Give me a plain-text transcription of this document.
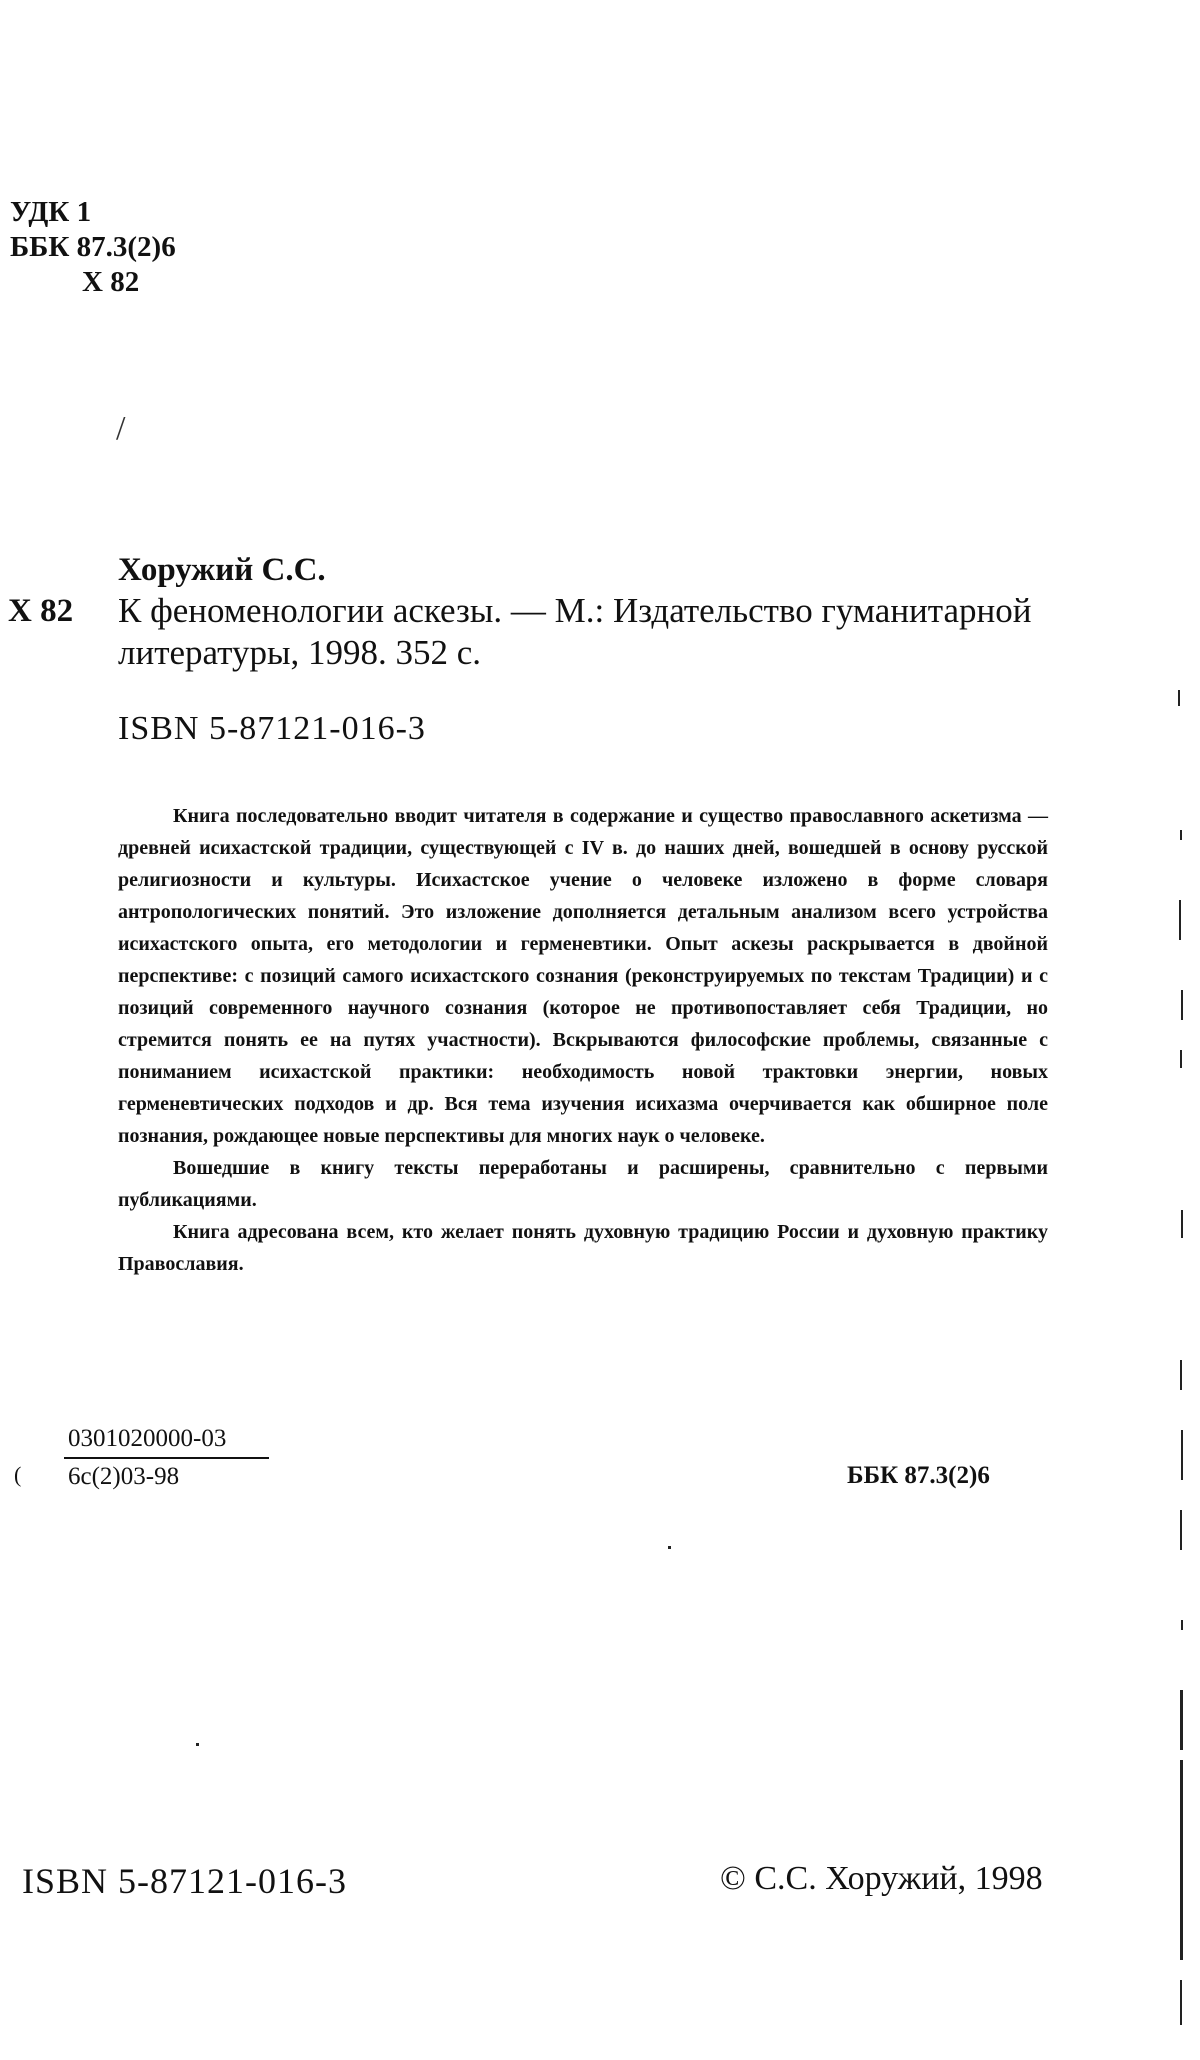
УДК 1
ББК 87.3(2)6
Х 82
/
Хоружий С.С.
Х 82 К феноменологии аскезы. — М.: Издательство гуманитарной литературы, 1998. 352 с.
ISBN 5-87121-016-3

Книга последовательно вводит читателя в содержание и существо православного аскетизма — древней исихастской традиции, существующей с IV в. до наших дней, вошедшей в основу русской религиозности и культуры. Исихастское учение о человеке изложено в форме словаря антропологических понятий. Это изложение дополняется детальным анализом всего устройства исихастского опыта, его методологии и герменевтики. Опыт аскезы раскрывается в двойной перспективе: с позиций самого исихастского сознания (реконструируемых по текстам Традиции) и с позиций современного научного сознания (которое не противопоставляет себя Традиции, но стремится понять ее на путях участности). Вскрываются философские проблемы, связанные с пониманием исихастской практики: необходимость новой трактовки энергии, новых герменевтических подходов и др. Вся тема изучения исихазма очерчивается как обширное поле познания, рождающее новые перспективы для многих наук о человеке.

Вошедшие в книгу тексты переработаны и расширены, сравнительно с первыми публикациями.

Книга адресована всем, кто желает понять духовную традицию России и духовную практику Православия.

(
0301020000-03
6с(2)03-98	ББК 87.3(2)6
ISBN 5-87121-016-3	© С.С. Хоружий, 1998
